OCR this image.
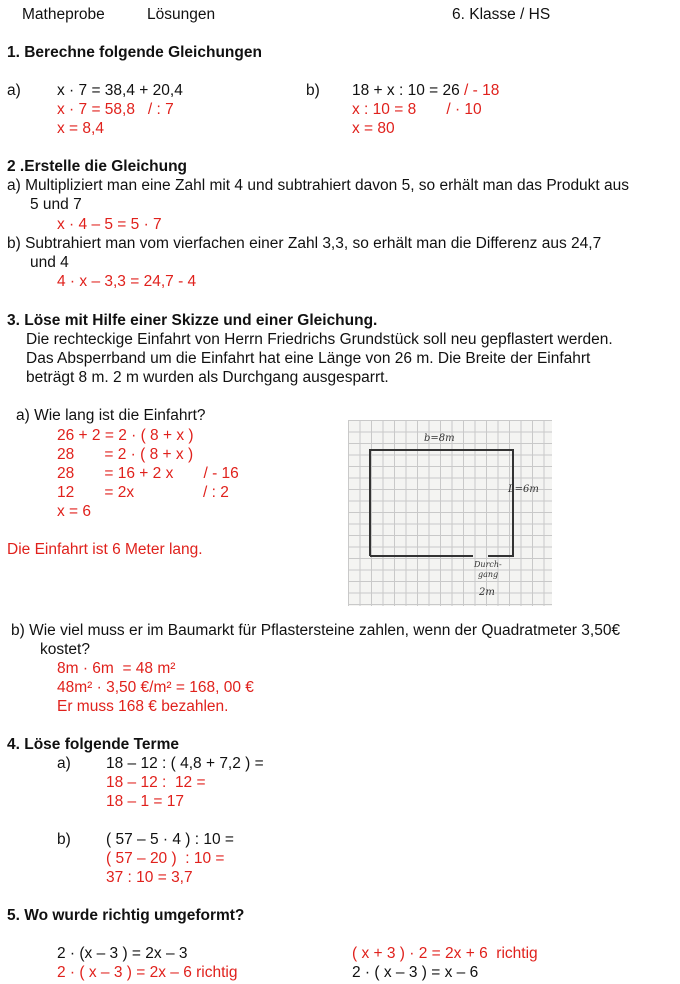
Matheprobe	Lösungen	6. Klasse / HS
1. Berechne folgende Gleichungen
a) x · 7 = 38,4 + 20,4
x · 7 = 58,8   / : 7
x = 8,4
b) 18 + x : 10 = 26 / - 18
x : 10 = 8       / · 10
x = 80
2 .Erstelle die Gleichung
a) Multipliziert man eine Zahl mit 4 und subtrahiert davon 5, so erhält man das Produkt aus
5 und 7
x · 4 – 5 = 5 · 7
b) Subtrahiert man vom vierfachen einer Zahl 3,3, so erhält man die Differenz aus 24,7
und 4
4 · x – 3,3 = 24,7 - 4
3. Löse mit Hilfe einer Skizze und einer Gleichung.
Die rechteckige Einfahrt von Herrn Friedrichs Grundstück soll neu gepflastert werden.
Das Absperrband um die Einfahrt hat eine Länge von 26 m. Die Breite der Einfahrt
beträgt 8 m. 2 m wurden als Durchgang ausgesparrt.
a) Wie lang ist die Einfahrt?
26 + 2 = 2 · ( 8 + x )
28       = 2 · ( 8 + x )
28       = 16 + 2 x       / - 16
12       = 2x                / : 2
x = 6
Die Einfahrt ist 6 Meter lang.
b=8m
L=6m
Durch-
gang
2m
b) Wie viel muss er im Baumarkt für Pflastersteine zahlen, wenn der Quadratmeter 3,50€
kostet?
8m · 6m  = 48 m²
48m² · 3,50 €/m² = 168, 00 €
Er muss 168 € bezahlen.
4. Löse folgende Terme
a) 18 – 12 : ( 4,8 + 7,2 ) =
18 – 12 :  12 =
18 – 1 = 17
b) ( 57 – 5 · 4 ) : 10 =
( 57 – 20 )  : 10 =
37 : 10 = 3,7
5. Wo wurde richtig umgeformt?
2 · (x – 3 ) = 2x – 3
2 · ( x – 3 ) = 2x – 6 richtig
( x + 3 ) · 2 = 2x + 6  richtig
2 · ( x – 3 ) = x – 6
